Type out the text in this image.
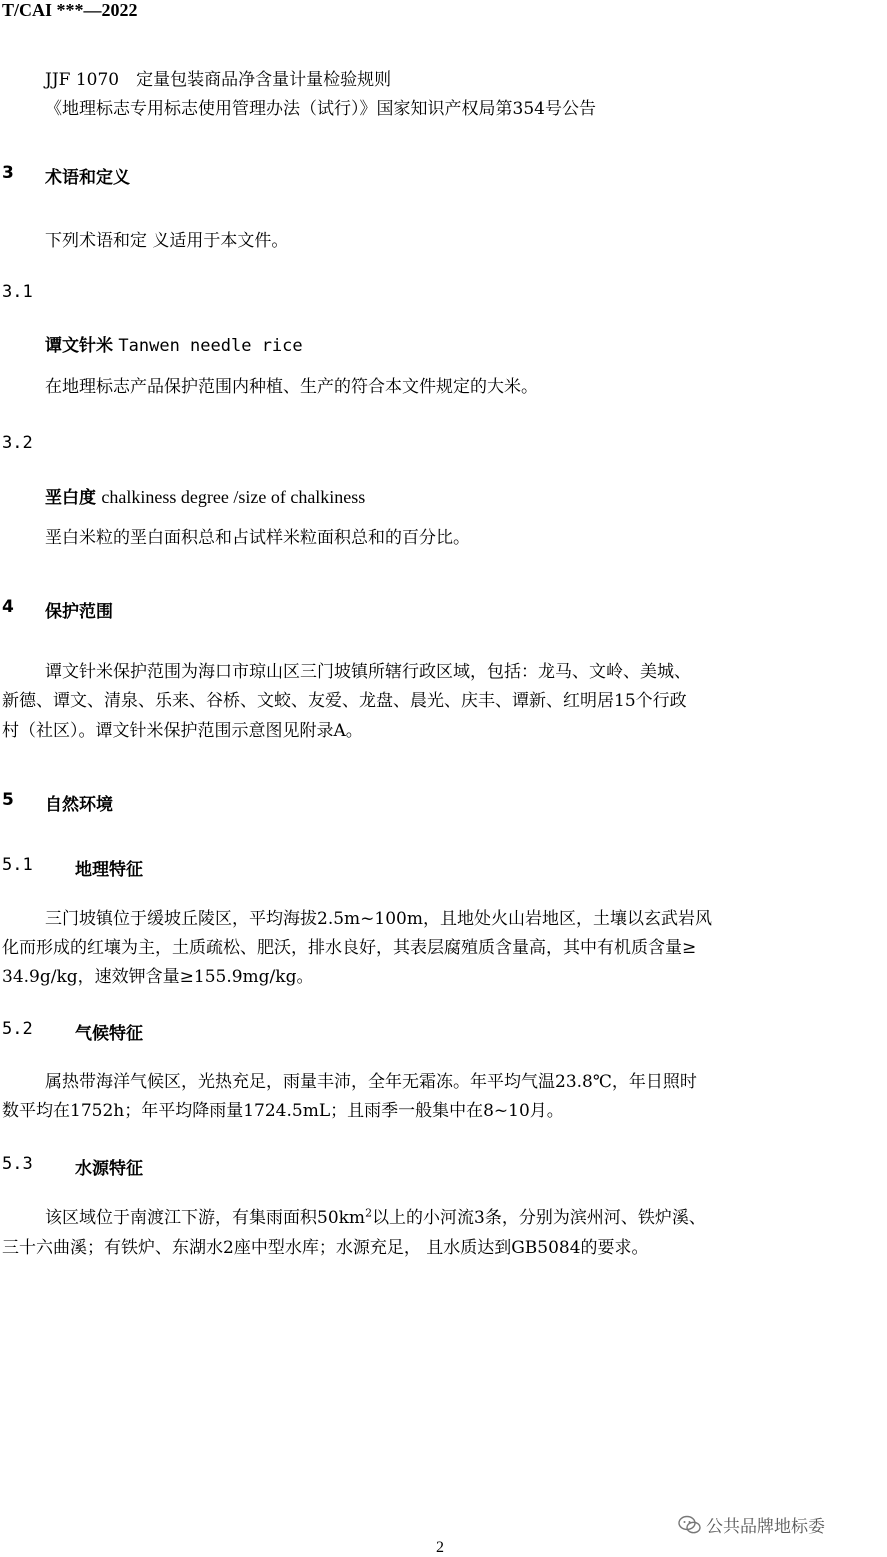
T/CAI ***—2022
JJF 1070　定量包装商品净含量计量检验规则
《地理标志专用标志使用管理办法（试行）》国家知识产权局第354号公告
3 术语和定义
下列术语和定 义适用于本文件。
3.1
谭文针米 Tanwen needle rice
在地理标志产品保护范围内种植、生产的符合本文件规定的大米。
3.2
垩白度 chalkiness degree /size of chalkiness
垩白米粒的垩白面积总和占试样米粒面积总和的百分比。
4 保护范围
谭文针米保护范围为海口市琼山区三门坡镇所辖行政区域，包括：龙马、文岭、美城、
新德、谭文、清泉、乐来、谷桥、文蛟、友爱、龙盘、晨光、庆丰、谭新、红明居15个行政
村（社区）。谭文针米保护范围示意图见附录A。
5 自然环境
5.1 地理特征
三门坡镇位于缓坡丘陵区，平均海拔2.5m~100m，且地处火山岩地区，土壤以玄武岩风
化而形成的红壤为主，土质疏松、肥沃，排水良好，其表层腐殖质含量高，其中有机质含量≥
34.9g/kg，速效钾含量≥155.9mg/kg。
5.2 气候特征
属热带海洋气候区，光热充足，雨量丰沛，全年无霜冻。年平均气温23.8℃，年日照时
数平均在1752h；年平均降雨量1724.5mL；且雨季一般集中在8~10月。
5.3 水源特征
该区域位于南渡江下游，有集雨面积$50km^2$以上的小河流3条，分别为滨州河、铁炉溪、
三十六曲溪；有铁炉、东湖水2座中型水库；水源充足， 且水质达到GB5084的要求。
公共品牌地标委
2
